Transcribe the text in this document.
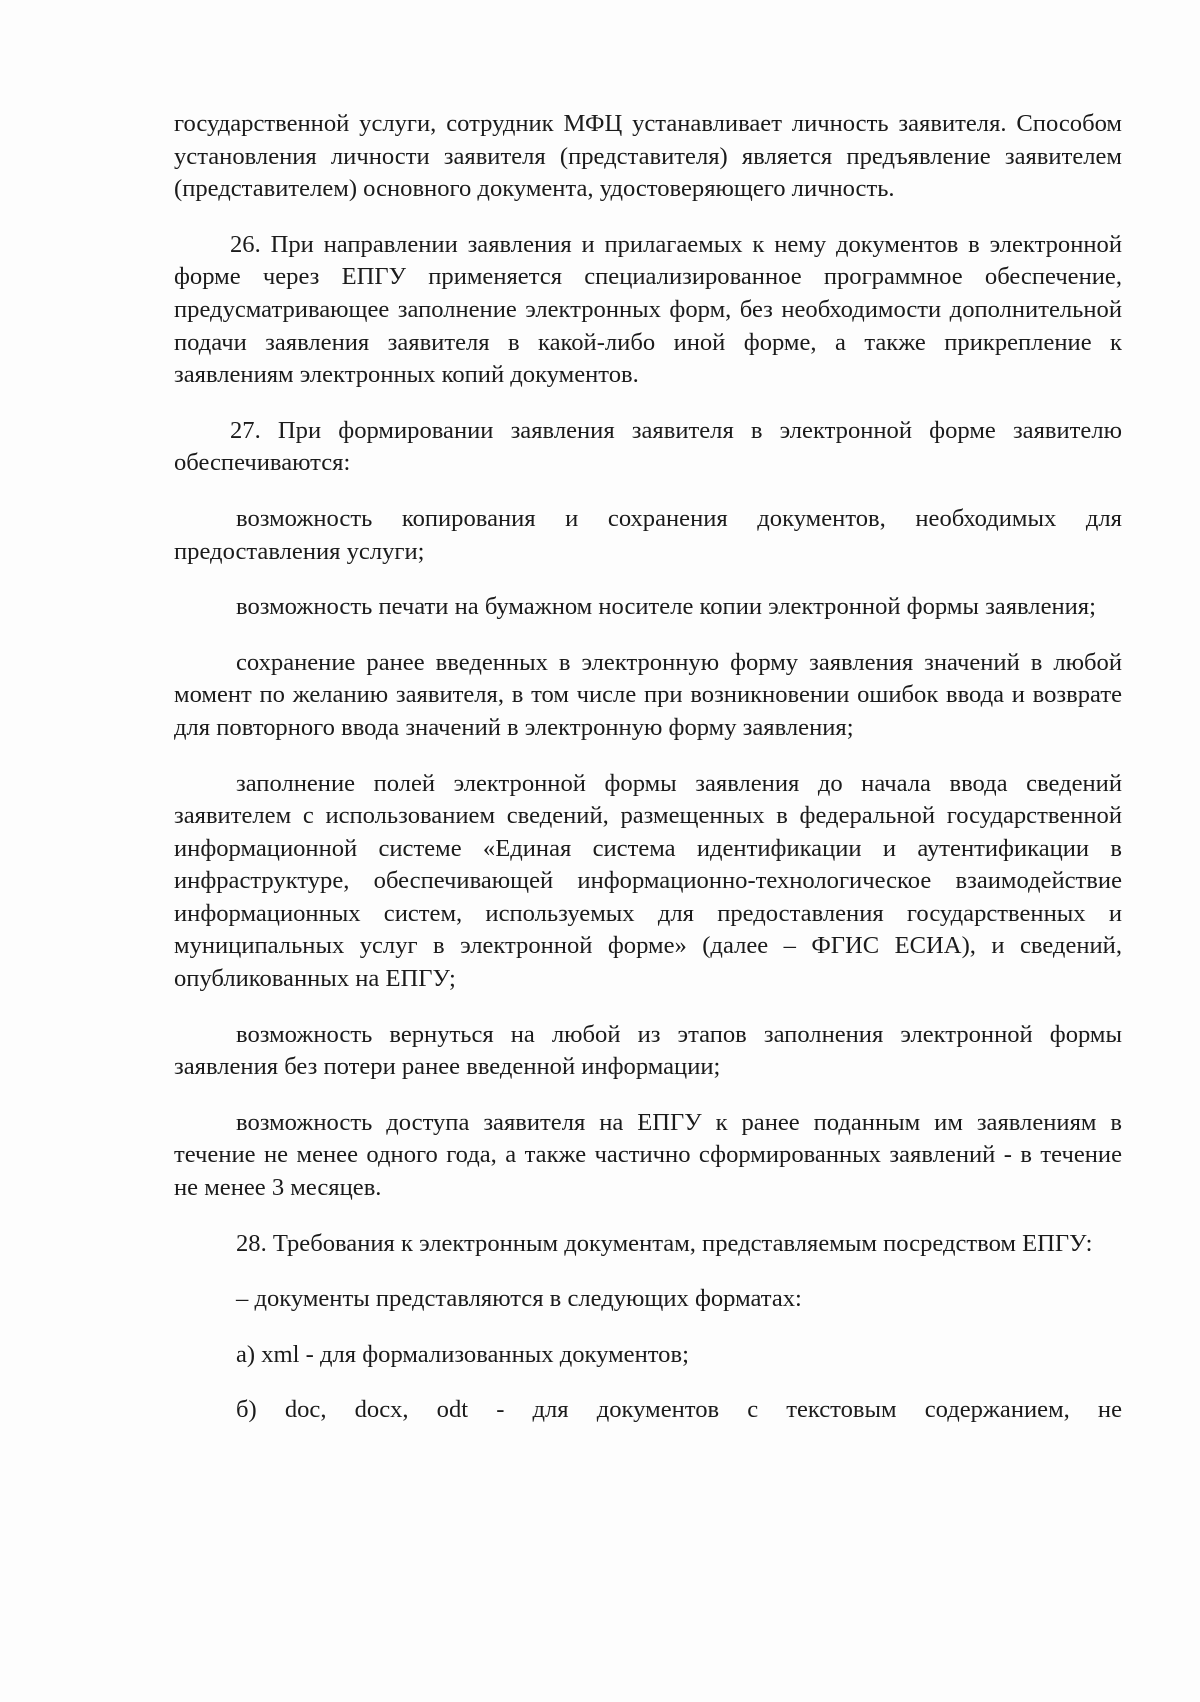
государственной услуги, сотрудник МФЦ устанавливает личность заявителя. Способом установления личности заявителя (представителя) является предъявление заявителем (представителем) основного документа, удостоверяющего личность.

26. При направлении заявления и прилагаемых к нему документов в электронной форме через ЕПГУ применяется специализированное программное обеспечение, предусматривающее заполнение электронных форм, без необходимости дополнительной подачи заявления заявителя в какой-либо иной форме, а также прикрепление к заявлениям электронных копий документов.

27. При формировании заявления заявителя в электронной форме заявителю обеспечиваются:

возможность копирования и сохранения документов, необходимых для предоставления услуги;

возможность печати на бумажном носителе копии электронной формы заявления;

сохранение ранее введенных в электронную форму заявления значений в любой момент по желанию заявителя, в том числе при возникновении ошибок ввода и возврате для повторного ввода значений в электронную форму заявления;

заполнение полей электронной формы заявления до начала ввода сведений заявителем с использованием сведений, размещенных в федеральной государственной информационной системе «Единая система идентификации и аутентификации в инфраструктуре, обеспечивающей информационно-технологическое взаимодействие информационных систем, используемых для предоставления государственных и муниципальных услуг в электронной форме» (далее – ФГИС ЕСИА), и сведений, опубликованных на ЕПГУ;

возможность вернуться на любой из этапов заполнения электронной формы заявления без потери ранее введенной информации;

возможность доступа заявителя на ЕПГУ к ранее поданным им заявлениям в течение не менее одного года, а также частично сформированных заявлений - в течение не менее 3 месяцев.

28. Требования к электронным документам, представляемым посредством ЕПГУ:

– документы представляются в следующих форматах:

а) xml - для формализованных документов;

б) doc, docx, odt - для документов с текстовым содержанием, не
